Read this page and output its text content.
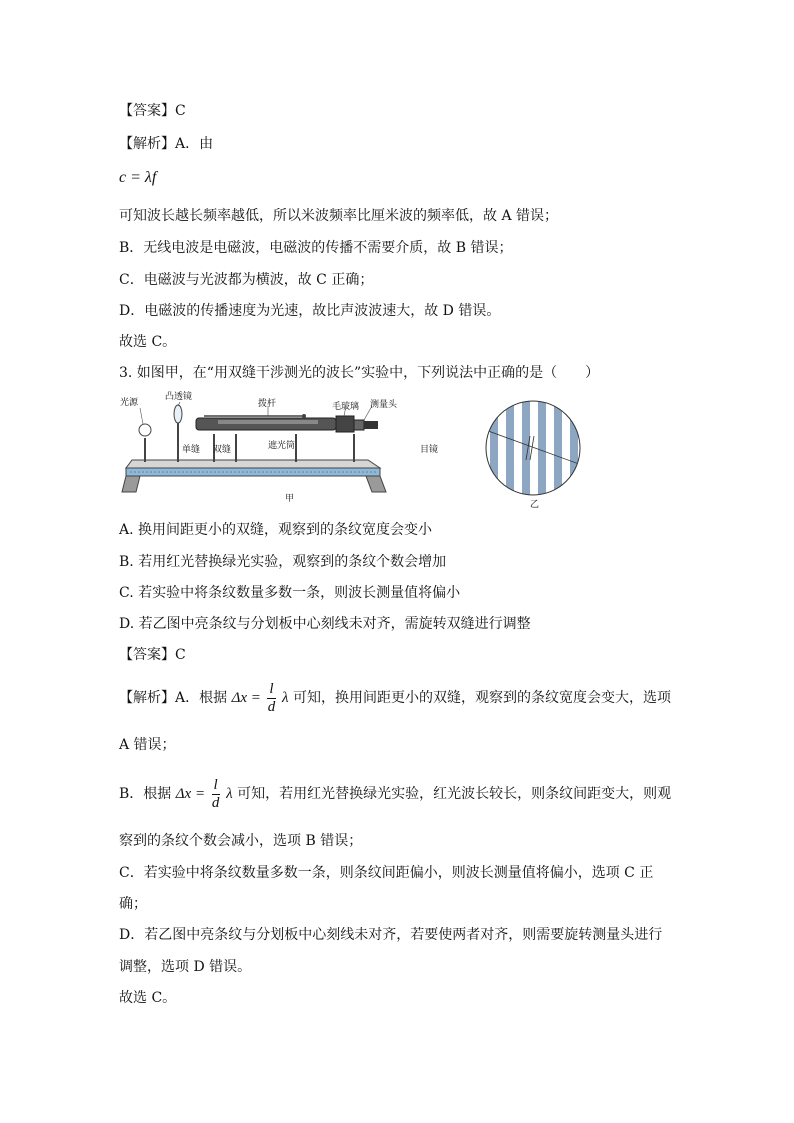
【答案】C
【解析】A．由
c = λf
可知波长越长频率越低，所以米波频率比厘米波的频率低，故 A 错误；
B．无线电波是电磁波，电磁波的传播不需要介质，故 B 错误；
C．电磁波与光波都为横波，故 C 正确；
D．电磁波的传播速度为光速，故比声波波速大，故 D 错误。
故选 C。
3. 如图甲，在“用双缝干涉测光的波长”实验中，下列说法中正确的是（　　）
光源
凸透镜
拨杆	毛玻璃 测量头
单缝 双缝	遮光筒	目镜
甲
乙
A. 换用间距更小的双缝，观察到的条纹宽度会变小
B. 若用红光替换绿光实验，观察到的条纹个数会增加
C. 若实验中将条纹数量多数一条，则波长测量值将偏小
D. 若乙图中亮条纹与分划板中心刻线未对齐，需旋转双缝进行调整
【答案】C
【解析】A．根据 $\Delta x = \frac{l}{d}$ λ 可知，换用间距更小的双缝，观察到的条纹宽度会变大，选项
A 错误；
B．根据 $\Delta x = \frac{l}{d}$ λ 可知，若用红光替换绿光实验，红光波长较长，则条纹间距变大，则观
察到的条纹个数会减小，选项 B 错误；
C．若实验中将条纹数量多数一条，则条纹间距偏小，则波长测量值将偏小，选项 C 正
确；
D．若乙图中亮条纹与分划板中心刻线未对齐，若要使两者对齐，则需要旋转测量头进行
调整，选项 D 错误。
故选 C。
